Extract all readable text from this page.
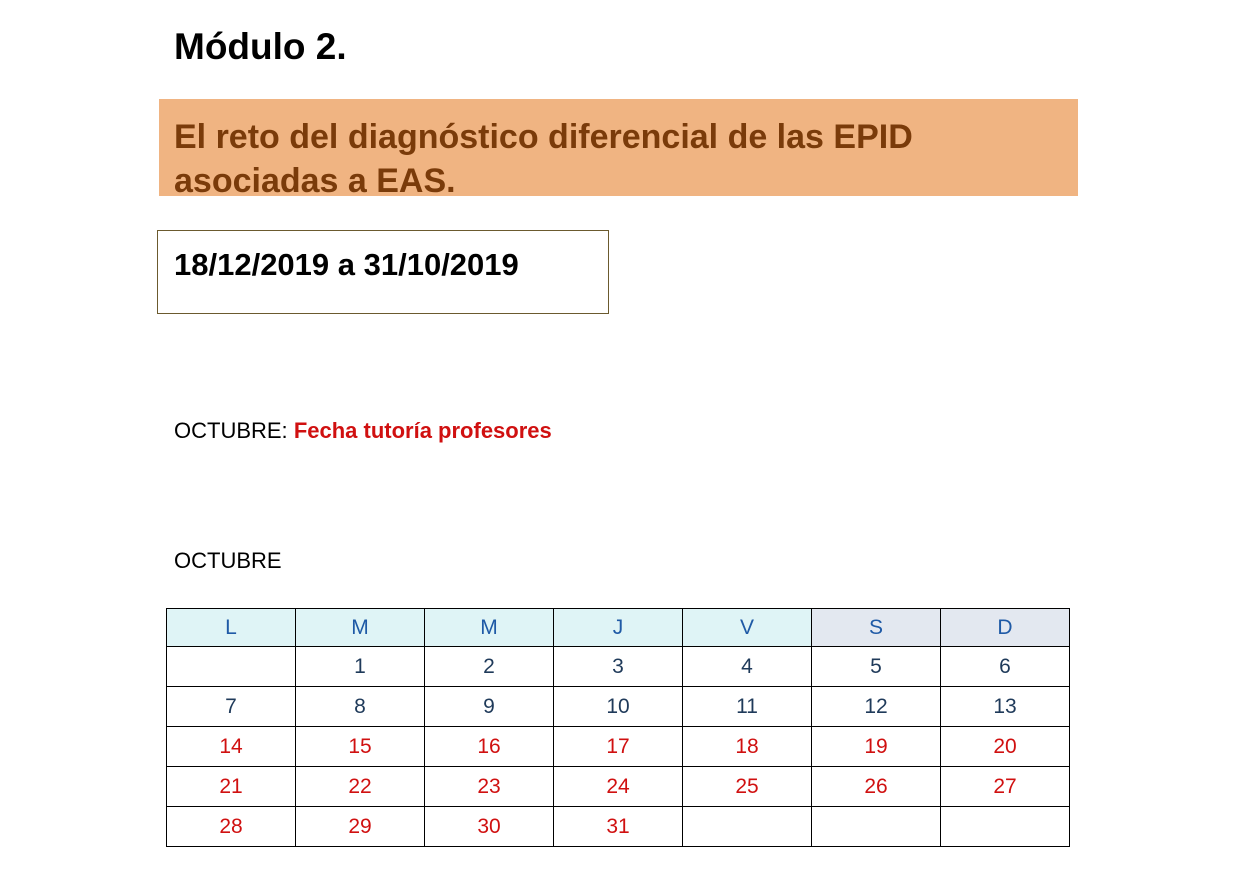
Módulo 2.
El reto del diagnóstico diferencial de las EPID asociadas a EAS.
18/12/2019 a 31/10/2019
OCTUBRE: Fecha tutoría profesores
OCTUBRE
L	M	M	J	V	S	D
	1	2	3	4	5	6
7	8	9	10	11	12	13
14	15	16	17	18	19	20
21	22	23	24	25	26	27
28	29	30	31			
